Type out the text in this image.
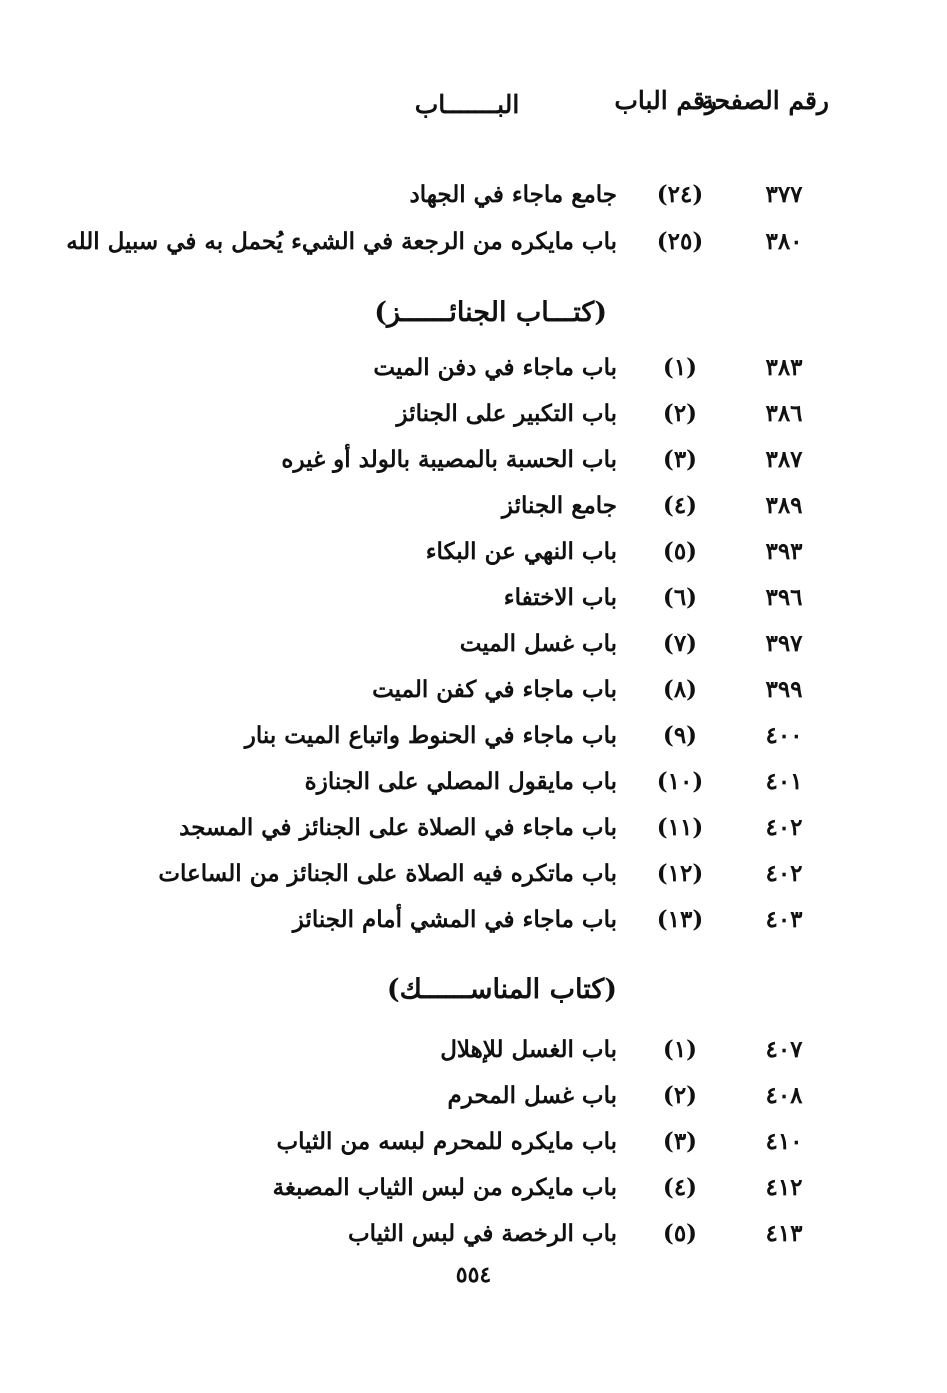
رقم الصفحة
رقم الباب
البـــــــاب
٣٧٧
(٢٤)
جامع ماجاء في الجهاد
٣٨٠
(٢٥)
باب مايكره من الرجعة في الشيء يُحمل به في سبيل الله
(كتـــاب الجنائــــــز)
٣٨٣
(١)
باب ماجاء في دفن الميت
٣٨٦
(٢)
باب التكبير على الجنائز
٣٨٧
(٣)
باب الحسبة بالمصيبة بالولد أو غيره
٣٨٩
(٤)
جامع الجنائز
٣٩٣
(٥)
باب النهي عن البكاء
٣٩٦
(٦)
باب الاختفاء
٣٩٧
(٧)
باب غسل الميت
٣٩٩
(٨)
باب ماجاء في كفن الميت
٤٠٠
(٩)
باب ماجاء في الحنوط واتباع الميت بنار
٤٠١
(١٠)
باب مايقول المصلي على الجنازة
٤٠٢
(١١)
باب ماجاء في الصلاة على الجنائز في المسجد
٤٠٢
(١٢)
باب ماتكره فيه الصلاة على الجنائز من الساعات
٤٠٣
(١٣)
باب ماجاء في المشي أمام الجنائز
(كتاب المناســــــك)
٤٠٧
(١)
باب الغسل للإهلال
٤٠٨
(٢)
باب غسل المحرم
٤١٠
(٣)
باب مايكره للمحرم لبسه من الثياب
٤١٢
(٤)
باب مايكره من لبس الثياب المصبغة
٤١٣
(٥)
باب الرخصة في لبس الثياب
٥٥٤
